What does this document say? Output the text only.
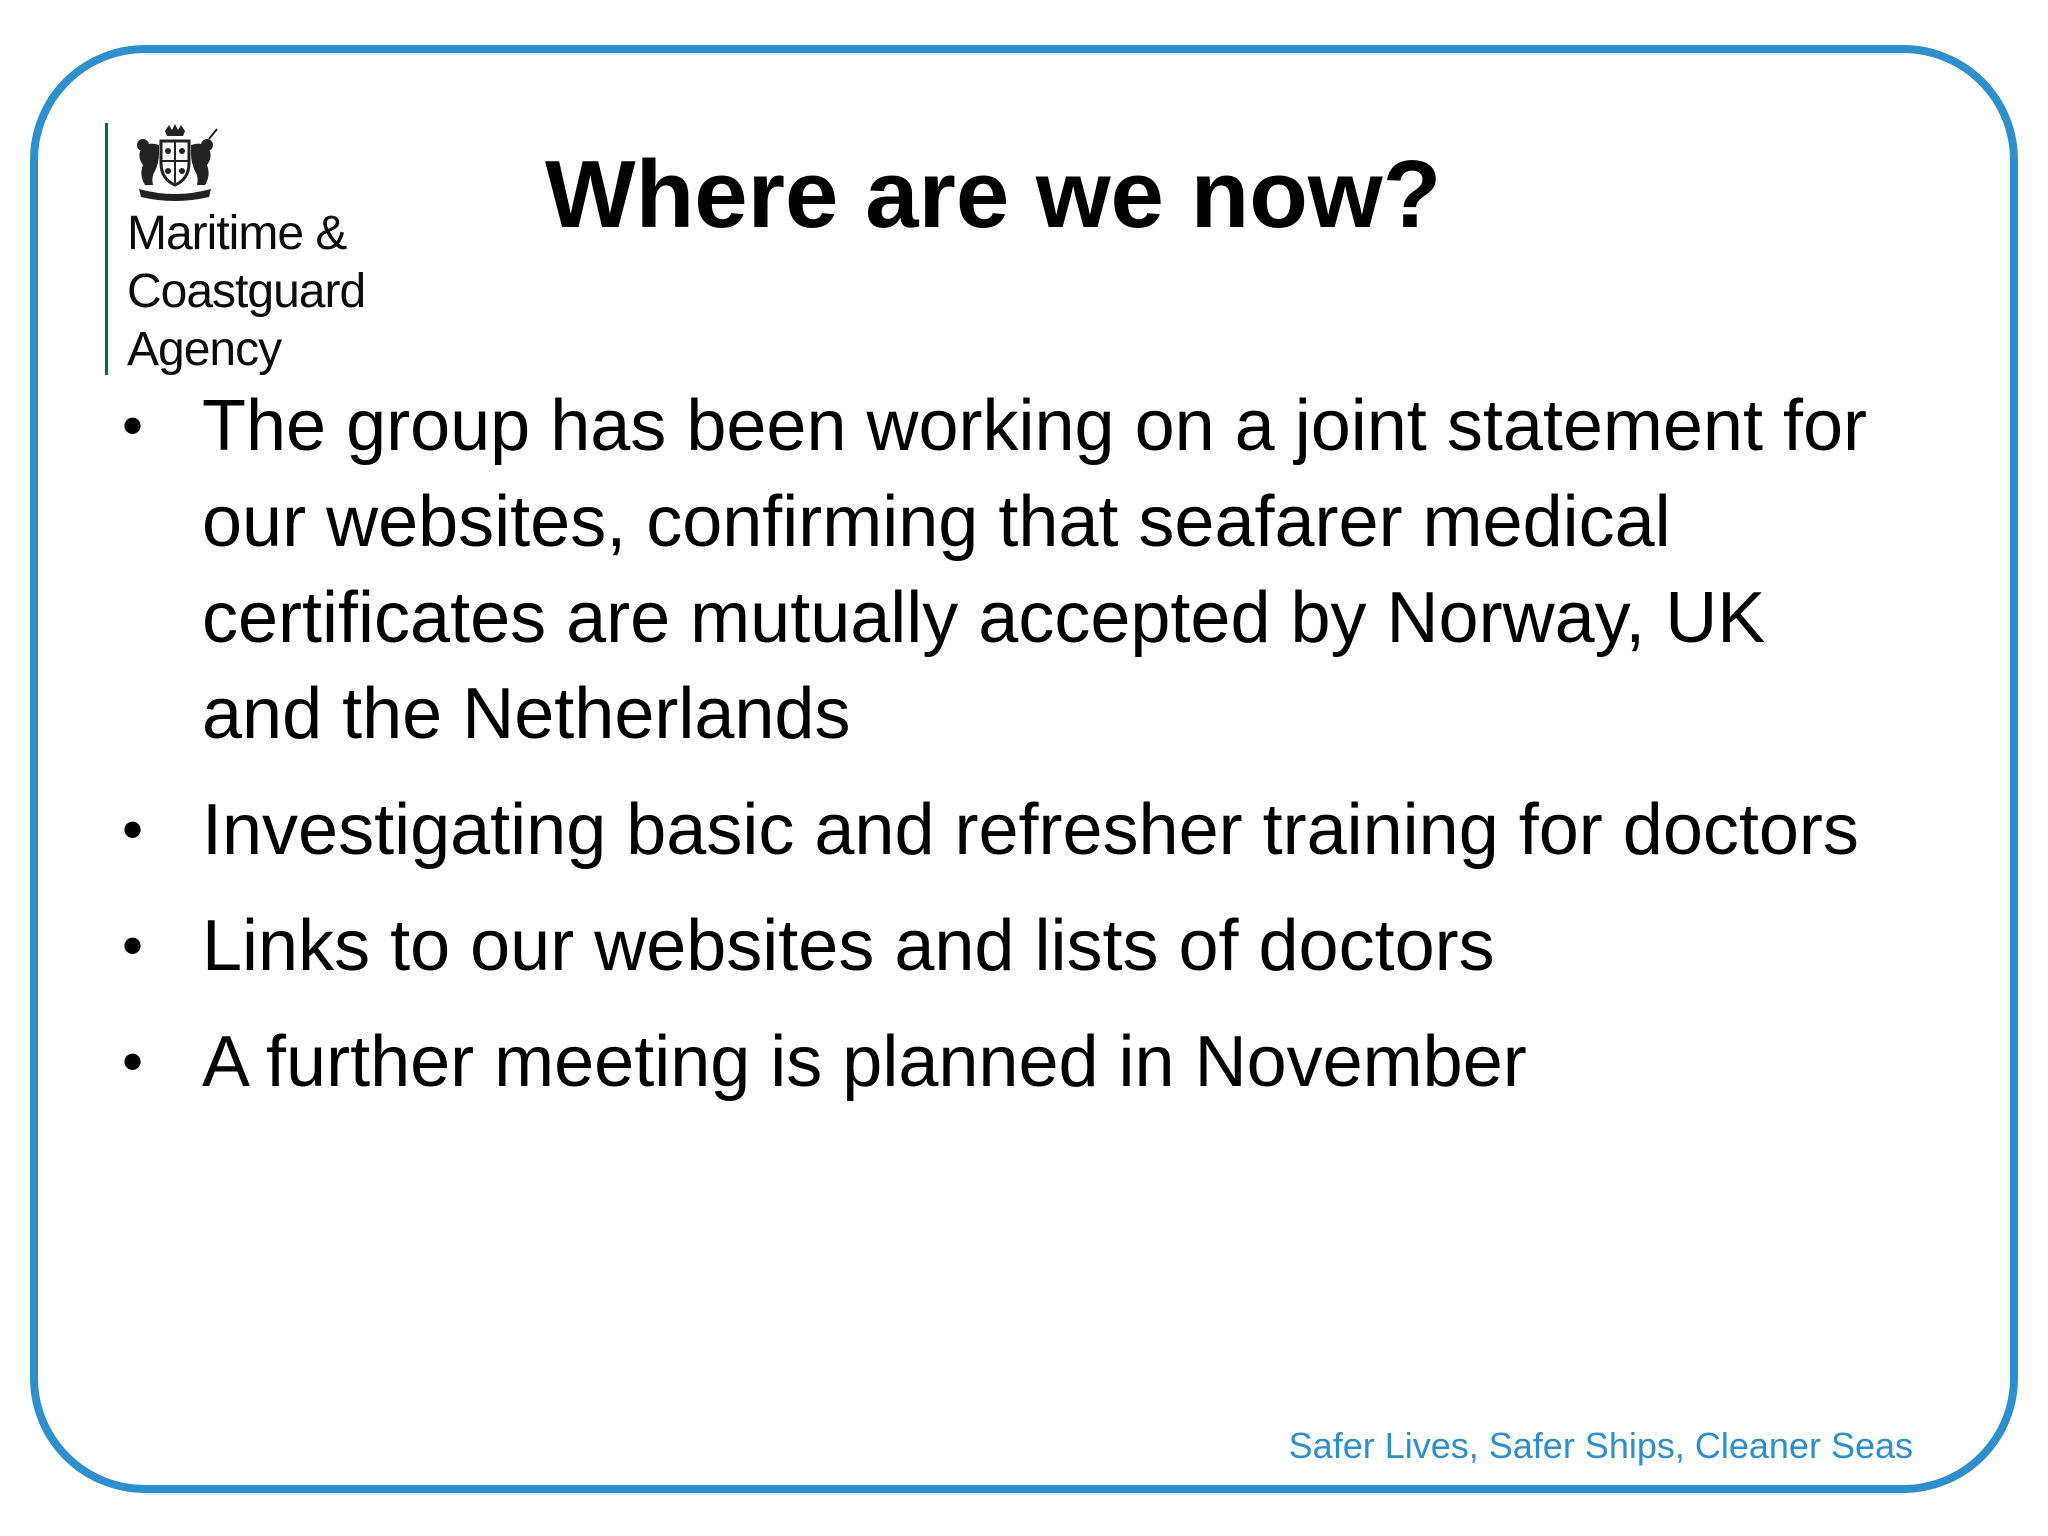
Maritime &
Coastguard
Agency
Where are we now?
• The group has been working on a joint statement for our websites, confirming that seafarer medical certificates are mutually accepted by Norway, UK and the Netherlands
• Investigating basic and refresher training for doctors
• Links to our websites and lists of doctors
• A further meeting is planned in November
Safer Lives, Safer Ships, Cleaner Seas
